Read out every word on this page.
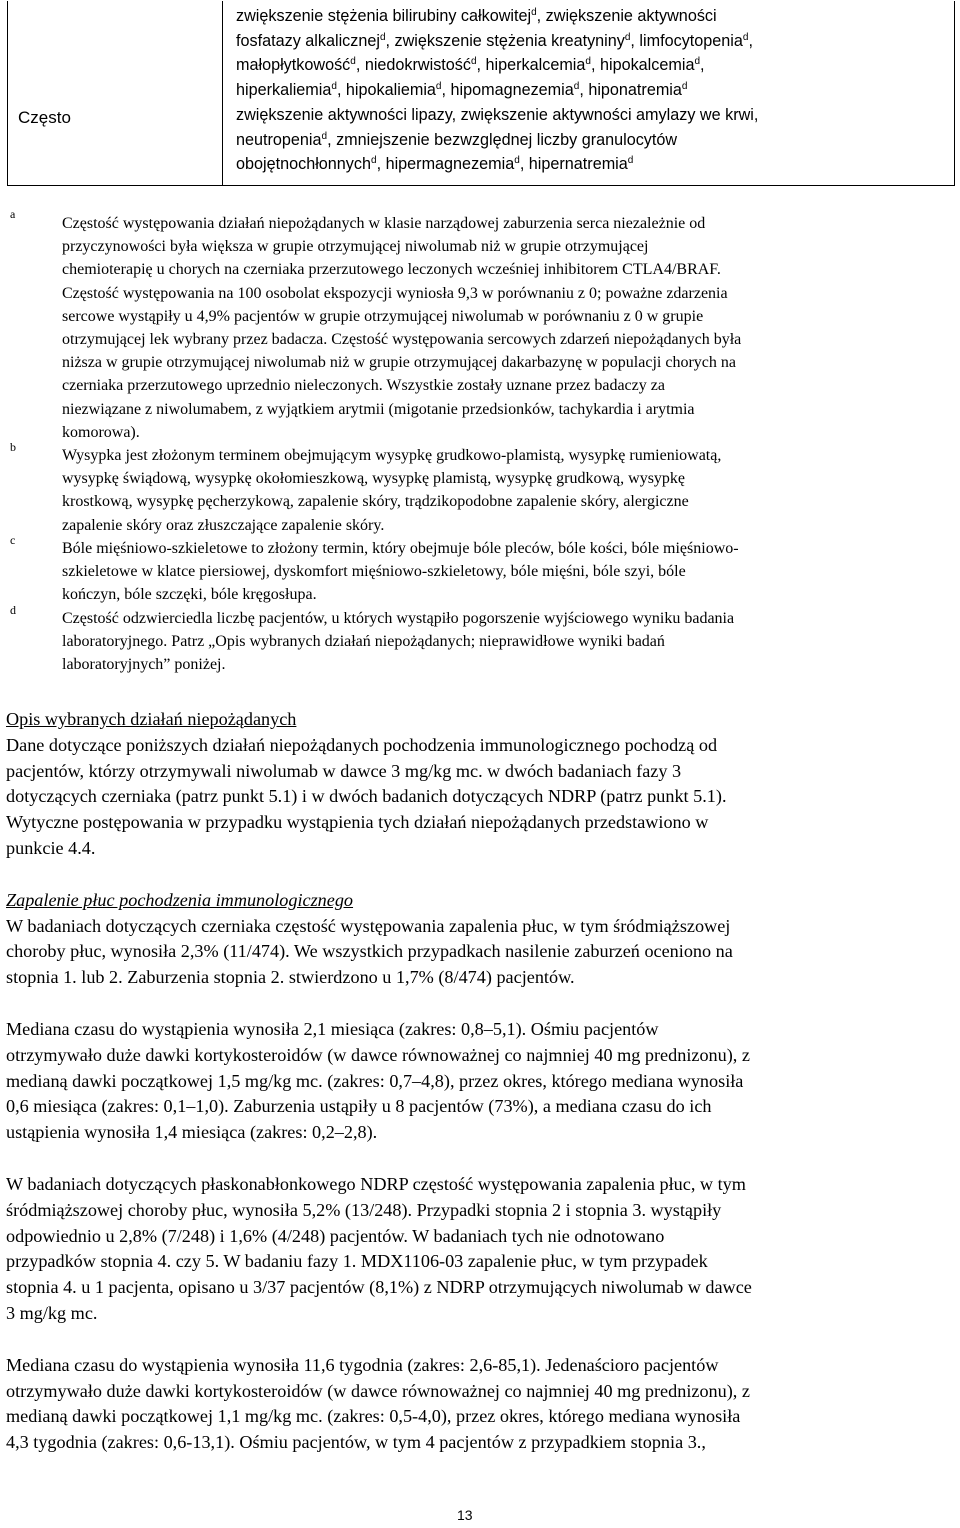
Często
zwiększenie stężenia bilirubiny całkowitej$^d$, zwiększenie aktywności
fosfatazy alkalicznej$^d$, zwiększenie stężenia kreatyniny$^d$, limfocytopenia$^d$,
małopłytkowość$^d$, niedokrwistość$^d$, hiperkalcemia$^d$, hipokalcemia$^d$,
hiperkaliemia$^d$, hipokaliemia$^d$, hipomagnezemia$^d$, hiponatremia$^d$
zwiększenie aktywności lipazy, zwiększenie aktywności amylazy we krwi,
neutropenia$^d$, zmniejszenie bezwzględnej liczby granulocytów
obojętnochłonnych$^d$, hipermagnezemia$^d$, hipernatremia$^d$
a
Częstość występowania działań niepożądanych w klasie narządowej zaburzenia serca niezależnie od
przyczynowości była większa w grupie otrzymującej niwolumab niż w grupie otrzymującej
chemioterapię u chorych na czerniaka przerzutowego leczonych wcześniej inhibitorem CTLA4/BRAF.
Częstość występowania na 100 osobolat ekspozycji wyniosła 9,3 w porównaniu z 0; poważne zdarzenia
sercowe wystąpiły u 4,9% pacjentów w grupie otrzymującej niwolumab w porównaniu z 0 w grupie
otrzymującej lek wybrany przez badacza. Częstość występowania sercowych zdarzeń niepożądanych była
niższa w grupie otrzymującej niwolumab niż w grupie otrzymującej dakarbazynę w populacji chorych na
czerniaka przerzutowego uprzednio nieleczonych. Wszystkie zostały uznane przez badaczy za
niezwiązane z niwolumabem, z wyjątkiem arytmii (migotanie przedsionków, tachykardia i arytmia
komorowa).
b	Wysypka jest złożonym terminem obejmującym wysypkę grudkowo-plamistą, wysypkę rumieniowatą,
wysypkę świądową, wysypkę okołomieszkową, wysypkę plamistą, wysypkę grudkową, wysypkę
krostkową, wysypkę pęcherzykową, zapalenie skóry, trądzikopodobne zapalenie skóry, alergiczne
zapalenie skóry oraz złuszczające zapalenie skóry.
c	Bóle mięśniowo-szkieletowe to złożony termin, który obejmuje bóle pleców, bóle kości, bóle mięśniowo-
szkieletowe w klatce piersiowej, dyskomfort mięśniowo-szkieletowy, bóle mięśni, bóle szyi, bóle
kończyn, bóle szczęki, bóle kręgosłupa.
d	Częstość odzwierciedla liczbę pacjentów, u których wystąpiło pogorszenie wyjściowego wyniku badania
laboratoryjnego. Patrz „Opis wybranych działań niepożądanych; nieprawidłowe wyniki badań
laboratoryjnych” poniżej.
Opis wybranych działań niepożądanych
Dane dotyczące poniższych działań niepożądanych pochodzenia immunologicznego pochodzą od
pacjentów, którzy otrzymywali niwolumab w dawce 3 mg/kg mc. w dwóch badaniach fazy 3
dotyczących czerniaka (patrz punkt 5.1) i w dwóch badanich dotyczących NDRP (patrz punkt 5.1).
Wytyczne postępowania w przypadku wystąpienia tych działań niepożądanych przedstawiono w
punkcie 4.4.
Zapalenie płuc pochodzenia immunologicznego
W badaniach dotyczących czerniaka częstość występowania zapalenia płuc, w tym śródmiąższowej
choroby płuc, wynosiła 2,3% (11/474). We wszystkich przypadkach nasilenie zaburzeń oceniono na
stopnia 1. lub 2. Zaburzenia stopnia 2. stwierdzono u 1,7% (8/474) pacjentów.
Mediana czasu do wystąpienia wynosiła 2,1 miesiąca (zakres: 0,8–5,1). Ośmiu pacjentów
otrzymywało duże dawki kortykosteroidów (w dawce równoważnej co najmniej 40 mg prednizonu), z
medianą dawki początkowej 1,5 mg/kg mc. (zakres: 0,7–4,8), przez okres, którego mediana wynosiła
0,6 miesiąca (zakres: 0,1–1,0). Zaburzenia ustąpiły u 8 pacjentów (73%), a mediana czasu do ich
ustąpienia wynosiła 1,4 miesiąca (zakres: 0,2–2,8).
W badaniach dotyczących płaskonabłonkowego NDRP częstość występowania zapalenia płuc, w tym
śródmiąższowej choroby płuc, wynosiła 5,2% (13/248). Przypadki stopnia 2 i stopnia 3. wystąpiły
odpowiednio u 2,8% (7/248) i 1,6% (4/248) pacjentów. W badaniach tych nie odnotowano
przypadków stopnia 4. czy 5. W badaniu fazy 1. MDX1106-03 zapalenie płuc, w tym przypadek
stopnia 4. u 1 pacjenta, opisano u 3/37 pacjentów (8,1%) z NDRP otrzymujących niwolumab w dawce
3 mg/kg mc.
Mediana czasu do wystąpienia wynosiła 11,6 tygodnia (zakres: 2,6-85,1). Jedenaścioro pacjentów
otrzymywało duże dawki kortykosteroidów (w dawce równoważnej co najmniej 40 mg prednizonu), z
medianą dawki początkowej 1,1 mg/kg mc. (zakres: 0,5-4,0), przez okres, którego mediana wynosiła
4,3 tygodnia (zakres: 0,6-13,1). Ośmiu pacjentów, w tym 4 pacjentów z przypadkiem stopnia 3.,
13
